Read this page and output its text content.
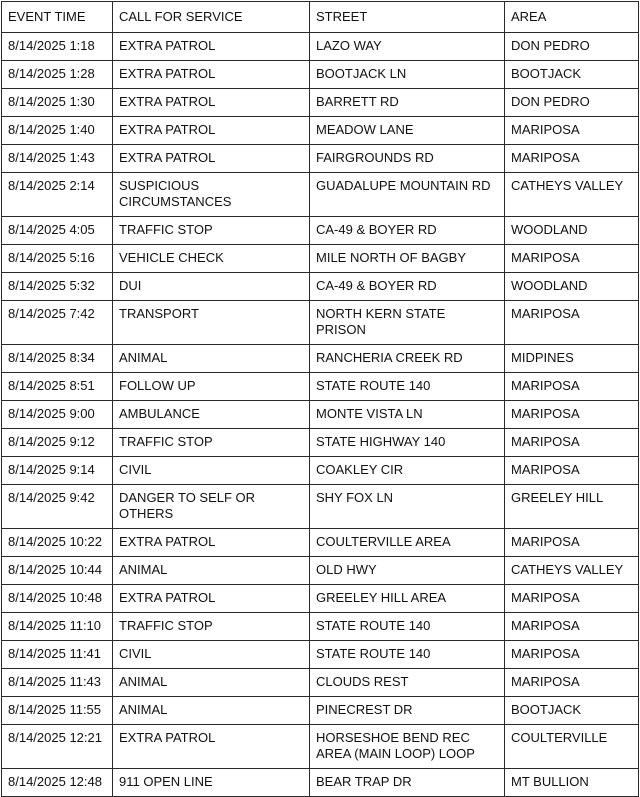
EVENT TIME	CALL FOR SERVICE	STREET	AREA
8/14/2025 1:18	EXTRA PATROL	LAZO WAY	DON PEDRO
8/14/2025 1:28	EXTRA PATROL	BOOTJACK LN	BOOTJACK
8/14/2025 1:30	EXTRA PATROL	BARRETT RD	DON PEDRO
8/14/2025 1:40	EXTRA PATROL	MEADOW LANE	MARIPOSA
8/14/2025 1:43	EXTRA PATROL	FAIRGROUNDS RD	MARIPOSA
8/14/2025 2:14	SUSPICIOUS CIRCUMSTANCES	GUADALUPE MOUNTAIN RD	CATHEYS VALLEY
8/14/2025 4:05	TRAFFIC STOP	CA-49 & BOYER RD	WOODLAND
8/14/2025 5:16	VEHICLE CHECK	MILE NORTH OF BAGBY	MARIPOSA
8/14/2025 5:32	DUI	CA-49 & BOYER RD	WOODLAND
8/14/2025 7:42	TRANSPORT	NORTH KERN STATE PRISON	MARIPOSA
8/14/2025 8:34	ANIMAL	RANCHERIA CREEK RD	MIDPINES
8/14/2025 8:51	FOLLOW UP	STATE ROUTE 140	MARIPOSA
8/14/2025 9:00	AMBULANCE	MONTE VISTA LN	MARIPOSA
8/14/2025 9:12	TRAFFIC STOP	STATE HIGHWAY 140	MARIPOSA
8/14/2025 9:14	CIVIL	COAKLEY CIR	MARIPOSA
8/14/2025 9:42	DANGER TO SELF OR OTHERS	SHY FOX LN	GREELEY HILL
8/14/2025 10:22	EXTRA PATROL	COULTERVILLE AREA	MARIPOSA
8/14/2025 10:44	ANIMAL	OLD HWY	CATHEYS VALLEY
8/14/2025 10:48	EXTRA PATROL	GREELEY HILL AREA	MARIPOSA
8/14/2025 11:10	TRAFFIC STOP	STATE ROUTE 140	MARIPOSA
8/14/2025 11:41	CIVIL	STATE ROUTE 140	MARIPOSA
8/14/2025 11:43	ANIMAL	CLOUDS REST	MARIPOSA
8/14/2025 11:55	ANIMAL	PINECREST DR	BOOTJACK
8/14/2025 12:21	EXTRA PATROL	HORSESHOE BEND REC AREA (MAIN LOOP) LOOP	COULTERVILLE
8/14/2025 12:48	911 OPEN LINE	BEAR TRAP DR	MT BULLION
